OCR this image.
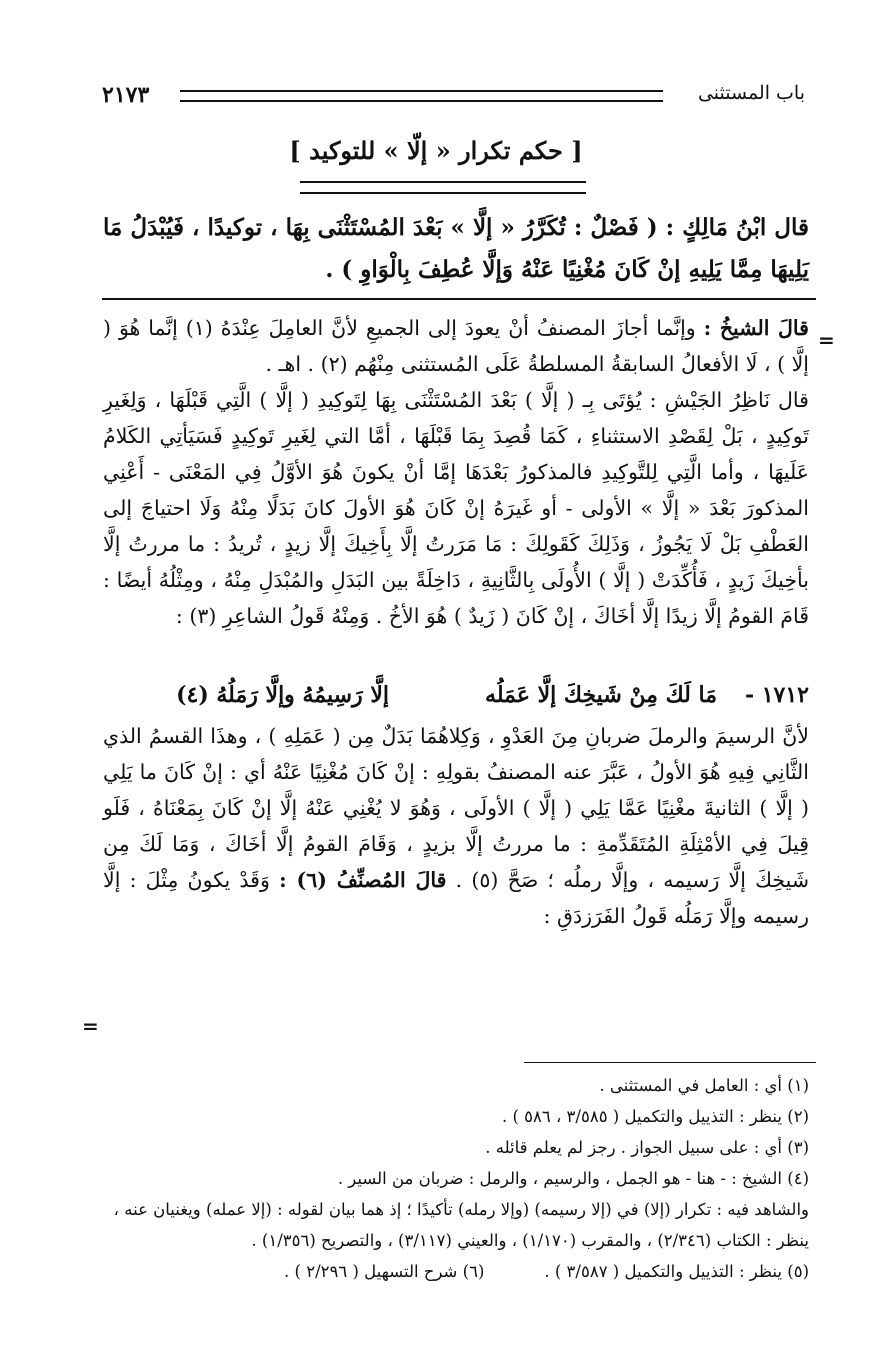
٢١٧٣	باب المستثنى
[ حكم تكرار « إلّا » للتوكيد ]
قال ابْنُ مَالِكٍ : ( فَصْلٌ : تُكَرَّرُ « إلَّا » بَعْدَ المُسْتَثْنَى بِهَا ، توكيدًا ، فَيُبْدَلُ مَا يَلِيهَا مِمَّا يَلِيهِ إنْ كَانَ مُغْنِيًا عَنْهُ وَإلَّا عُطِفَ بِالْوَاوِ ) .
=
قالَ الشيخُ : وإنَّما أجازَ المصنفُ أنْ يعودَ إلى الجميعِ لأنَّ العامِلَ عِنْدَهُ (١) إنَّما هُوَ ( إلَّا ) ، لَا الأفعالُ السابقةُ المسلطةُ عَلَى المُستثنى مِنْهُم (٢) . اهـ .
قال نَاظِرُ الجَيْشِ : يُؤتَى بِـ ( إلَّا ) بَعْدَ المُسْتَثْنَى بِهَا لِتَوكِيدِ ( إلَّا ) الَّتِي قَبْلَهَا ، وَلِغَيرِ تَوكِيدٍ ، بَلْ لِقَصْدِ الاستثناءِ ، كَمَا قُصِدَ بِمَا قَبْلَهَا ، أمَّا التي لِغَيرِ تَوكِيدٍ فَسَيَأتِي الكَلامُ عَلَيهَا ، وأما الَّتِي لِلتَّوكِيدِ فالمذكورُ بَعْدَهَا إمَّا أنْ يكونَ هُوَ الأوَّلُ فِي المَعْنَى - أَعْنِي المذكورَ بَعْدَ « إلَّا » الأولى - أو غَيرَهُ إنْ كَانَ هُوَ الأولَ كانَ بَدَلًا مِنْهُ وَلَا احتياجَ إلى العَطْفِ بَلْ لَا يَجُوزُ ، وَذَلِكَ كَقَولِكَ : مَا مَرَرتُ إلَّا بِأَخِيكَ إلَّا زيدٍ ، تُريدُ : ما مررتُ إلَّا بأخِيكَ زَيدٍ ، فَأُكِّدَتْ ( إلَّا ) الأُولَى بِالثَّانِيةِ ، دَاخِلَةً بين البَدَلِ والمُبْدَلِ مِنْهُ ، ومِثْلُهُ أيضًا : قَامَ القومُ إلَّا زيدًا إلَّا أخَاكَ ، إنْ كَانَ ( زَيدٌ ) هُوَ الأخُ . وَمِنْهُ قَولُ الشاعِرِ (٣) :
١٧١٢ -
مَا لَكَ مِنْ شَيخِكَ إلَّا عَمَلُه
إلَّا رَسِيمُهُ وإلَّا رَمَلُهُ (٤)
لأنَّ الرسيمَ والرملَ ضربانِ مِنَ العَدْوِ ، وَكِلاهُمَا بَدَلٌ مِن ( عَمَلِهِ ) ، وهذَا القسمُ الذي الثَّانِي فِيهِ هُوَ الأولُ ، عَبَّرَ عنه المصنفُ بقولِهِ : إنْ كَانَ مُغْنِيًا عَنْهُ أي : إنْ كَانَ ما يَلِي ( إلَّا ) الثانيةَ مغْنِيًا عَمَّا يَلِي ( إلَّا ) الأولَى ، وَهُوَ لا يُغْنِي عَنْهُ إلَّا إنْ كَانَ بِمَعْنَاهُ ، فَلَو قِيلَ فِي الأمْثِلَةِ المُتَقَدِّمةِ : ما مررتُ إلَّا بزيدٍ ، وَقَامَ القومُ إلَّا أخَاكَ ، وَمَا لَكَ مِن شَيخِكَ إلَّا رَسيمه ، وإلَّا رملُه ؛ صَحَّ (٥) . قالَ المُصنِّفُ (٦) : وَقَدْ يكونُ مِثْلَ : إلَّا رسيمه وإلَّا رَمَلُه قَولُ الفَرَزدَقِ :
=
(١) أي : العامل في المستثنى .
(٢) ينظر : التذييل والتكميل ( ٣/٥٨٥ ، ٥٨٦ ) .
(٣) أي : على سبيل الجواز . رجز لم يعلم قائله .
(٤) الشيخ : - هنا - هو الجمل ، والرسيم ، والرمل : ضربان من السير .
والشاهد فيه : تكرار (إلا) في (إلا رسيمه) (وإلا رمله) تأكيدًا ؛ إذ هما بيان لقوله : (إلا عمله) ويغنيان عنه ، ينظر : الكتاب (٢/٣٤٦) ، والمقرب (١/١٧٠) ، والعيني (٣/١١٧) ، والتصريح (١/٣٥٦) .
(٥) ينظر : التذييل والتكميل ( ٣/٥٨٧ ) .
(٦) شرح التسهيل ( ٢/٢٩٦ ) .
